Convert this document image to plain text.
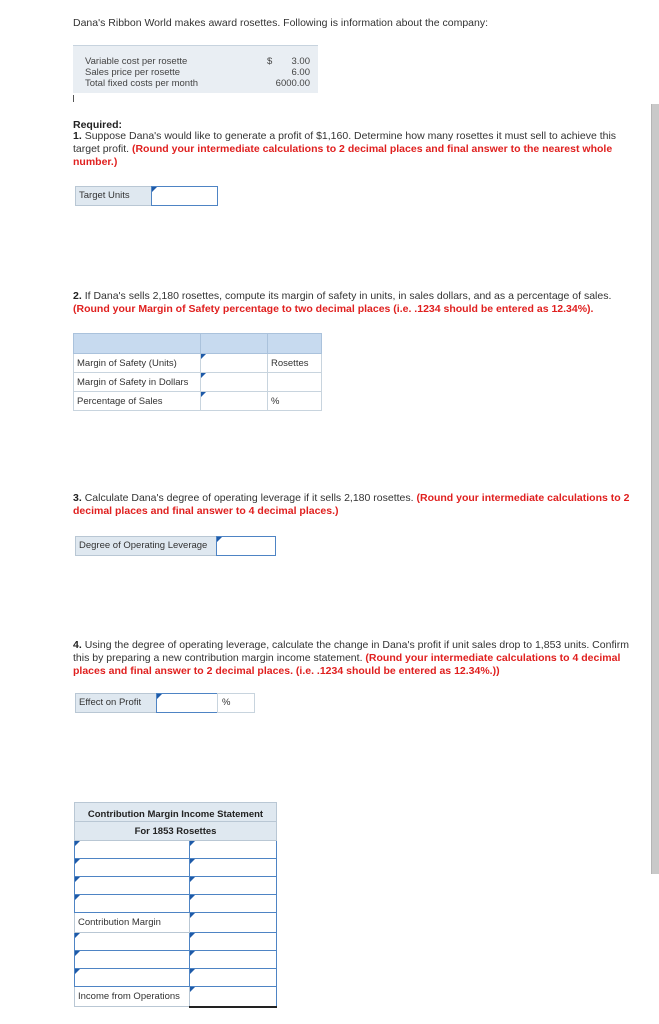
Dana's Ribbon World makes award rosettes. Following is information about the company:
Variable cost per rosette	$ 3.00
Sales price per rosette	6.00
Total fixed costs per month	6000.00
Required:
1. Suppose Dana's would like to generate a profit of $1,160. Determine how many rosettes it must sell to achieve this target profit. (Round your intermediate calculations to 2 decimal places and final answer to the nearest whole number.)
Target Units
2. If Dana's sells 2,180 rosettes, compute its margin of safety in units, in sales dollars, and as a percentage of sales. (Round your Margin of Safety percentage to two decimal places (i.e. .1234 should be entered as 12.34%).

Margin of Safety (Units)		Rosettes
Margin of Safety in Dollars		
Percentage of Sales		%
3. Calculate Dana's degree of operating leverage if it sells 2,180 rosettes. (Round your intermediate calculations to 2 decimal places and final answer to 4 decimal places.)
Degree of Operating Leverage
4. Using the degree of operating leverage, calculate the change in Dana's profit if unit sales drop to 1,853 units. Confirm this by preparing a new contribution margin income statement. (Round your intermediate calculations to 4 decimal places and final answer to 2 decimal places. (i.e. .1234 should be entered as 12.34%.))
Effect on Profit	%
Contribution Margin Income Statement	
For 1853 Rosettes	

Contribution Margin	

Income from Operations	
